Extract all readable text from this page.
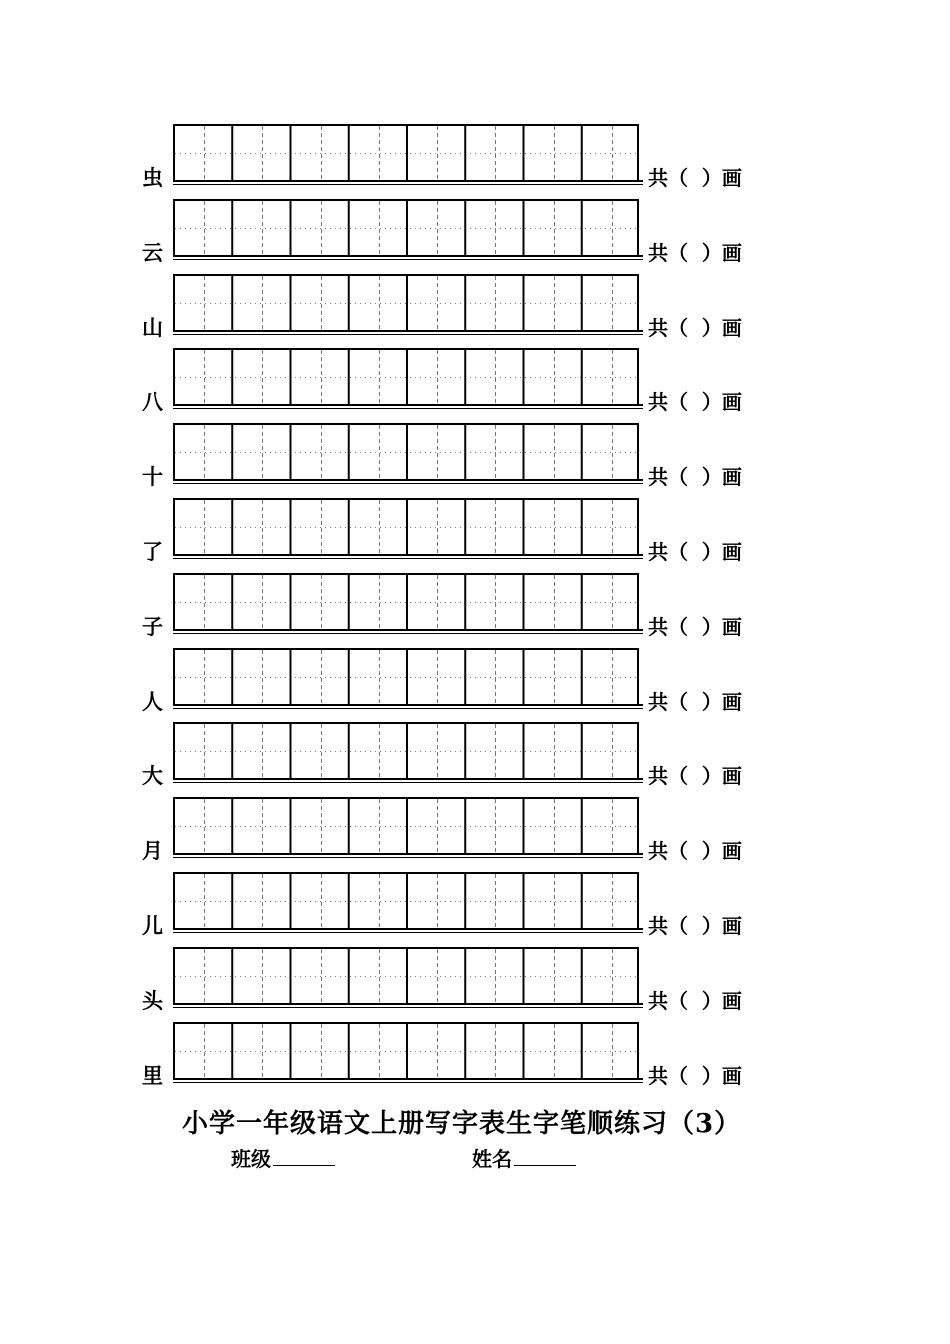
虫	共（  ）画
云	共（  ）画
山	共（  ）画
八	共（  ）画
十	共（  ）画
了	共（  ）画
子	共（  ）画
人	共（  ）画
大	共（  ）画
月	共（  ）画
儿	共（  ）画
头	共（  ）画
里	共（  ）画
小学一年级语文上册写字表生字笔顺练习（3）
班级	姓名
